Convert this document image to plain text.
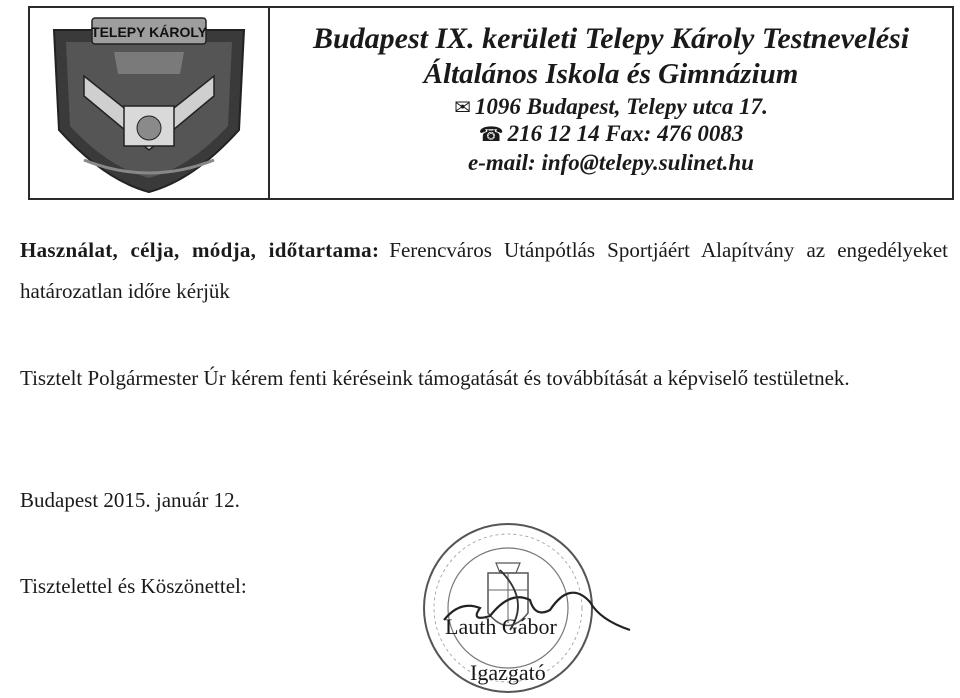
TELEPY KÁROLY	Budapest IX. kerületi Telepy Károly Testnevelési
Általános Iskola és Gimnázium
✉ 1096 Budapest, Telepy utca 17.
☎ 216 12 14 Fax: 476 0083
e-mail: info@telepy.sulinet.hu
Használat, célja, módja, időtartama: Ferencváros Utánpótlás Sportjáért Alapítvány az engedélyeket határozatlan időre kérjük
Tisztelt Polgármester Úr kérem fenti kéréseink támogatását és továbbítását a képviselő testületnek.
Budapest 2015. január 12.
Tisztelettel és Köszönettel:
Lauth Gábor
Igazgató
